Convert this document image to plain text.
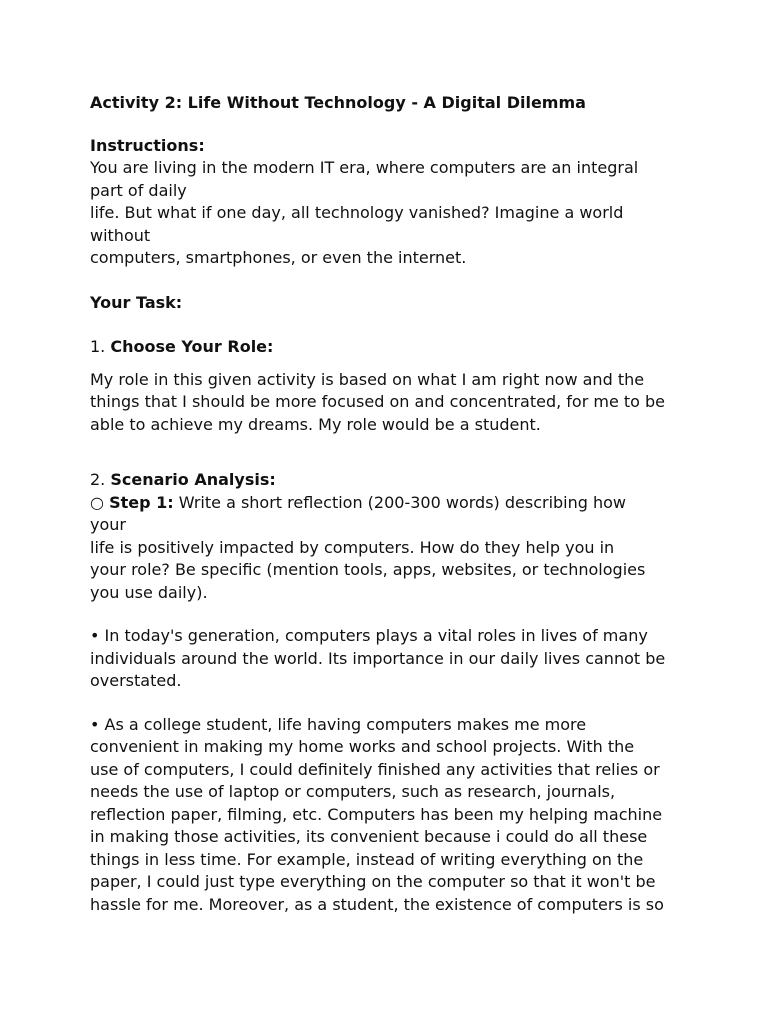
Activity 2: Life Without Technology - A Digital Dilemma

Instructions:
You are living in the modern IT era, where computers are an integral
part of daily
life. But what if one day, all technology vanished? Imagine a world
without
computers, smartphones, or even the internet.
Your Task:
1. Choose Your Role:
My role in this given activity is based on what I am right now and the
things that I should be more focused on and concentrated, for me to be
able to achieve my dreams. My role would be a student.
2. Scenario Analysis:
○ Step 1: Write a short reflection (200-300 words) describing how
your
life is positively impacted by computers. How do they help you in
your role? Be specific (mention tools, apps, websites, or technologies
you use daily).
• In today's generation, computers plays a vital roles in lives of many
individuals around the world. Its importance in our daily lives cannot be
overstated.
• As a college student, life having computers makes me more
convenient in making my home works and school projects. With the
use of computers, I could definitely finished any activities that relies or
needs the use of laptop or computers, such as research, journals,
reflection paper, filming, etc. Computers has been my helping machine
in making those activities, its convenient because i could do all these
things in less time. For example, instead of writing everything on the
paper, I could just type everything on the computer so that it won't be
hassle for me. Moreover, as a student, the existence of computers is so
